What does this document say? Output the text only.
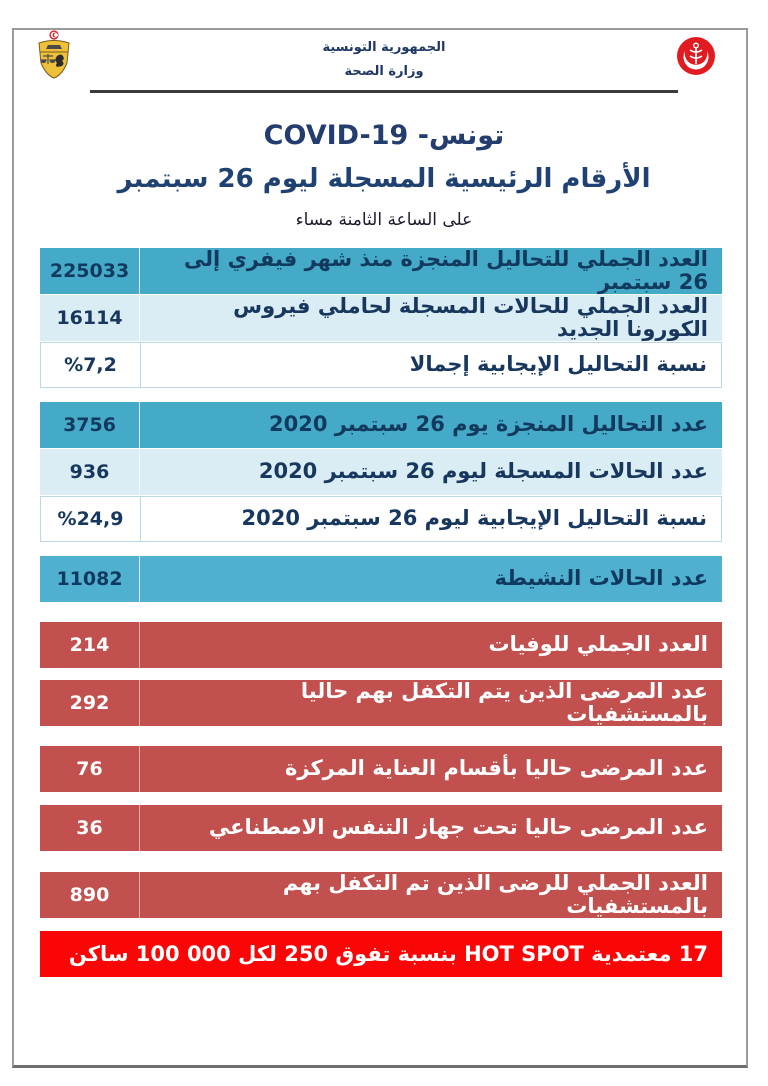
الجمهورية التونسية
وزارة الصحة
تونس- COVID-19
الأرقام الرئيسية المسجلة ليوم 26 سبتمبر
على الساعة الثامنة مساء
العدد الجملي للتحاليل المنجزة منذ شهر فيفري إلى 26 سبتمبر
225033
العدد الجملي للحالات المسجلة لحاملي فيروس الكورونا الجديد
16114
نسبة التحاليل الإيجابية إجمالا
%7,2
عدد التحاليل المنجزة يوم 26 سبتمبر 2020
3756
عدد الحالات المسجلة ليوم 26 سبتمبر 2020
936
نسبة التحاليل الإيجابية ليوم 26 سبتمبر 2020
%24,9
عدد الحالات النشيطة
11082
العدد الجملي للوفيات
214
عدد المرضى الذين يتم التكفل بهم حاليا بالمستشفيات
292
عدد المرضى حاليا بأقسام العناية المركزة
76
عدد المرضى حاليا تحت جهاز التنفس الاصطناعي
36
العدد الجملي للرضى الذين تم التكفل بهم بالمستشفيات
890
17 معتمدية HOT SPOT بنسبة تفوق 250 لكل ‎100 000‎ ساكن
